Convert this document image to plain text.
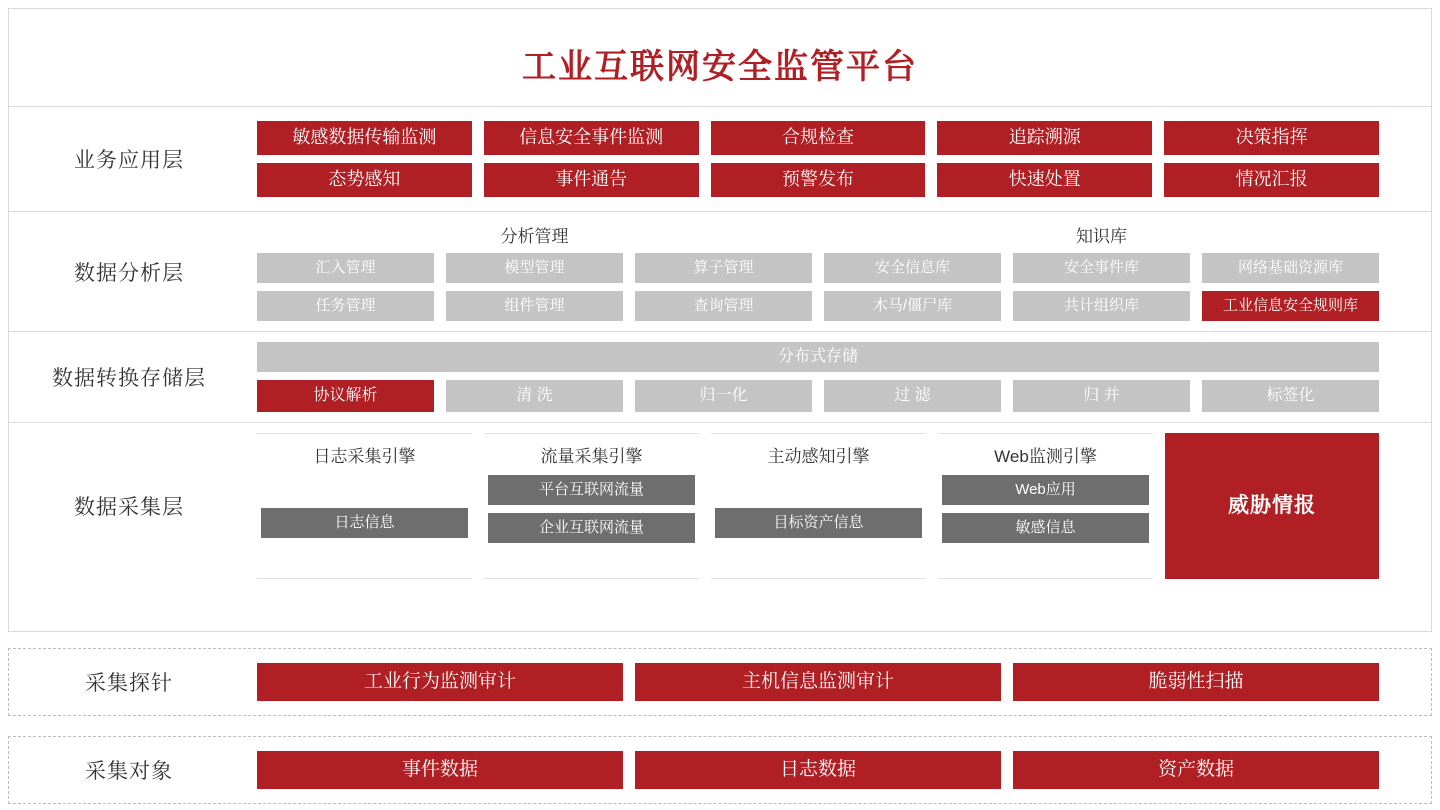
工业互联网安全监管平台
业务应用层
敏感数据传输监测	信息安全事件监测	合规检查	追踪溯源	决策指挥
态势感知	事件通告	预警发布	快速处置	情况汇报
数据分析层
分析管理	知识库
汇入管理	模型管理	算子管理	安全信息库	安全事件库	网络基础资源库
任务管理	组件管理	查询管理	木马/僵尸库	共计组织库	工业信息安全规则库
数据转换存储层
分布式存储
协议解析	清 洗	归一化	过 滤	归 并	标签化
数据采集层
日志采集引擎
日志信息
流量采集引擎
平台互联网流量
企业互联网流量
主动感知引擎
目标资产信息
Web监测引擎
Web应用
敏感信息
威胁情报
采集探针	工业行为监测审计	主机信息监测审计	脆弱性扫描
采集对象	事件数据	日志数据	资产数据
